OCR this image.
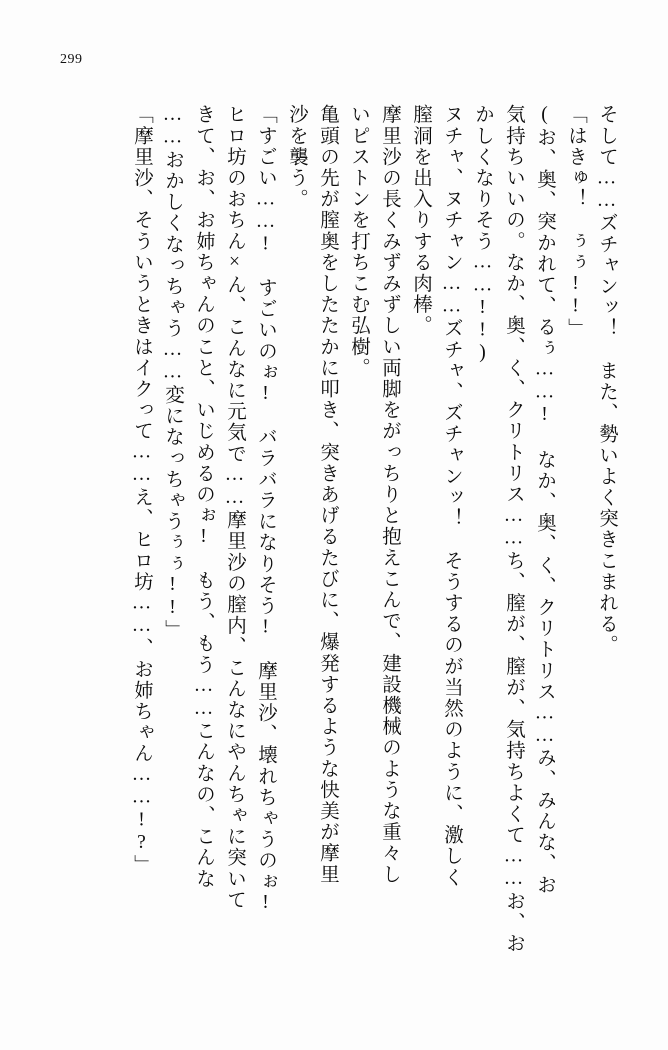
299
そして……ズチャンッ！　また、勢いよく突きこまれる。
「はきゅ！　ぅぅ!!」
(お、奥、突かれて、るぅ……! なか、奥、く、クリトリス……み、みんな、お
気持ちいいの。なか、奥、く、クリトリス……ち、膣が、膣が、気持ちよくて……お、お
かしくなりそう……!!)
ヌチャ、ヌチャン……ズチャ、ズチャンッ！　そうするのが当然のように、激しく
膣洞を出入りする肉棒。
摩里沙の長くみずみずしい両脚をがっちりと抱えこんで、建設機械のような重々し
いピストンを打ちこむ弘樹。
亀頭の先が膣奥をしたたかに叩き、突きあげるたびに、爆発するような快美が摩里
沙を襲う。
「すごい……!　すごいのぉ!　バラバラになりそう!　摩里沙、壊れちゃうのぉ!
ヒロ坊のおちん×ん、こんなに元気で……摩里沙の膣内、こんなにやんちゃに突いて
きて、お、お姉ちゃんのこと、いじめるのぉ!　もう、もう……こんなの、こんな
……おかしくなっちゃう……変になっちゃうぅぅ!!」
「摩里沙、そういうときはイクって……え、ヒロ坊……、お姉ちゃん……!?」
